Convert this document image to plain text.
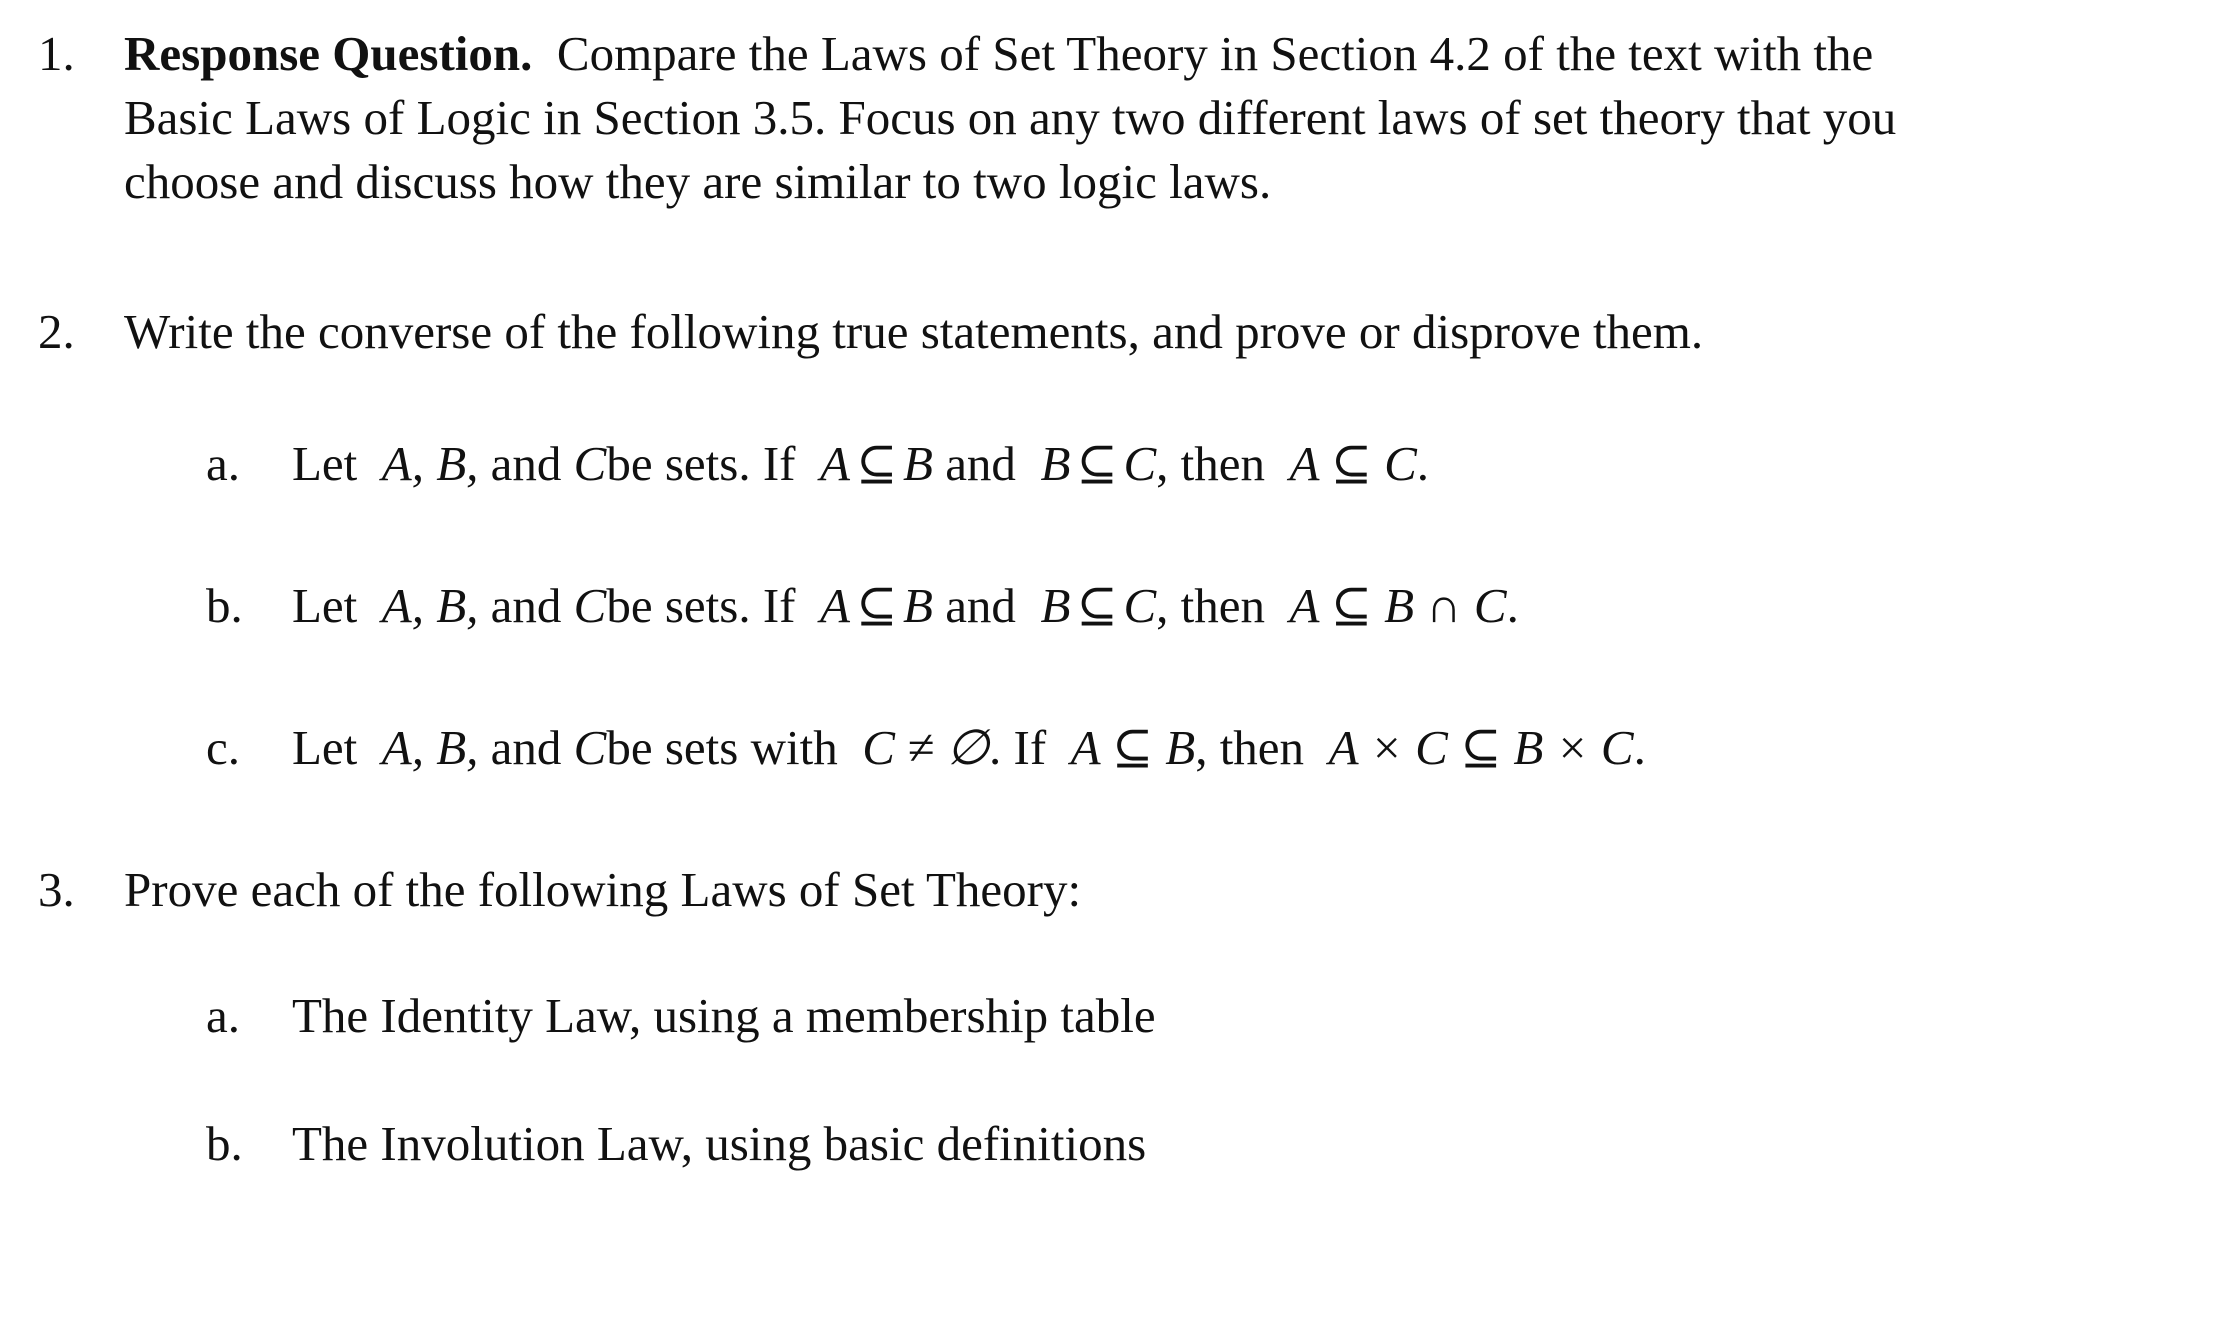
1.	Response Question. Compare the Laws of Set Theory in Section 4.2 of the text with the
Basic Laws of Logic in Section 3.5. Focus on any two different laws of set theory that you
choose and discuss how they are similar to two logic laws.
2.	Write the converse of the following true statements, and prove or disprove them.
a.	Let A, B, and Cbe sets. If A ⊆ B and B ⊆ C, then A ⊆ C.
b.	Let A, B, and Cbe sets. If A ⊆ B and B ⊆ C, then A ⊆ B ∩ C.
c.	Let A, B, and Cbe sets with C ≠ ∅. If A ⊆ B, then A × C ⊆ B × C.
3.	Prove each of the following Laws of Set Theory:
a.	The Identity Law, using a membership table
b.	The Involution Law, using basic definitions
